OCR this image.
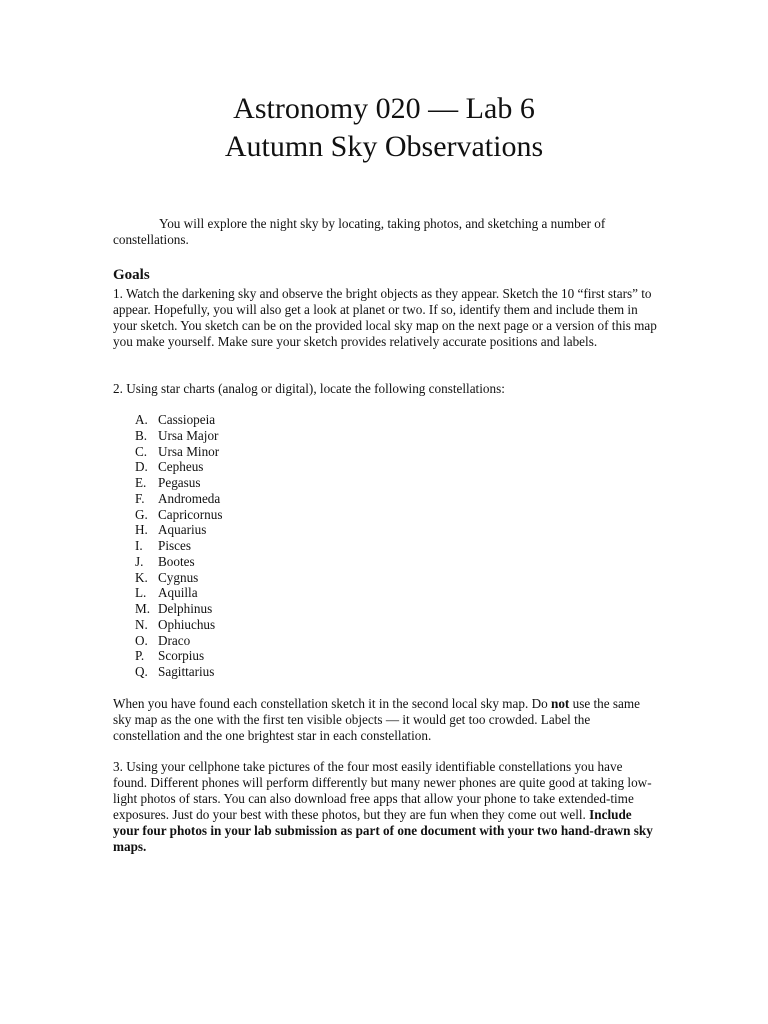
Astronomy 020 — Lab 6
Autumn Sky Observations
You will explore the night sky by locating, taking photos, and sketching a number of constellations.
Goals
1. Watch the darkening sky and observe the bright objects as they appear. Sketch the 10 “first stars” to appear. Hopefully, you will also get a look at planet or two. If so, identify them and include them in your sketch. You sketch can be on the provided local sky map on the next page or a version of this map you make yourself. Make sure your sketch provides relatively accurate positions and labels.
2. Using star charts (analog or digital), locate the following constellations:
A. Cassiopeia
B. Ursa Major
C. Ursa Minor
D. Cepheus
E. Pegasus
F.	Andromeda
G. Capricornus
H. Aquarius
I.	Pisces
J.	Bootes
K. Cygnus
L. Aquilla
M. Delphinus
N. Ophiuchus
O. Draco
P.	Scorpius
Q. Sagittarius
When you have found each constellation sketch it in the second local sky map. Do not use the same sky map as the one with the first ten visible objects — it would get too crowded. Label the constellation and the one brightest star in each constellation.
3. Using your cellphone take pictures of the four most easily identifiable constellations you have found. Different phones will perform differently but many newer phones are quite good at taking low-light photos of stars. You can also download free apps that allow your phone to take extended-time exposures. Just do your best with these photos, but they are fun when they come out well. Include your four photos in your lab submission as part of one document with your two hand-drawn sky maps.
